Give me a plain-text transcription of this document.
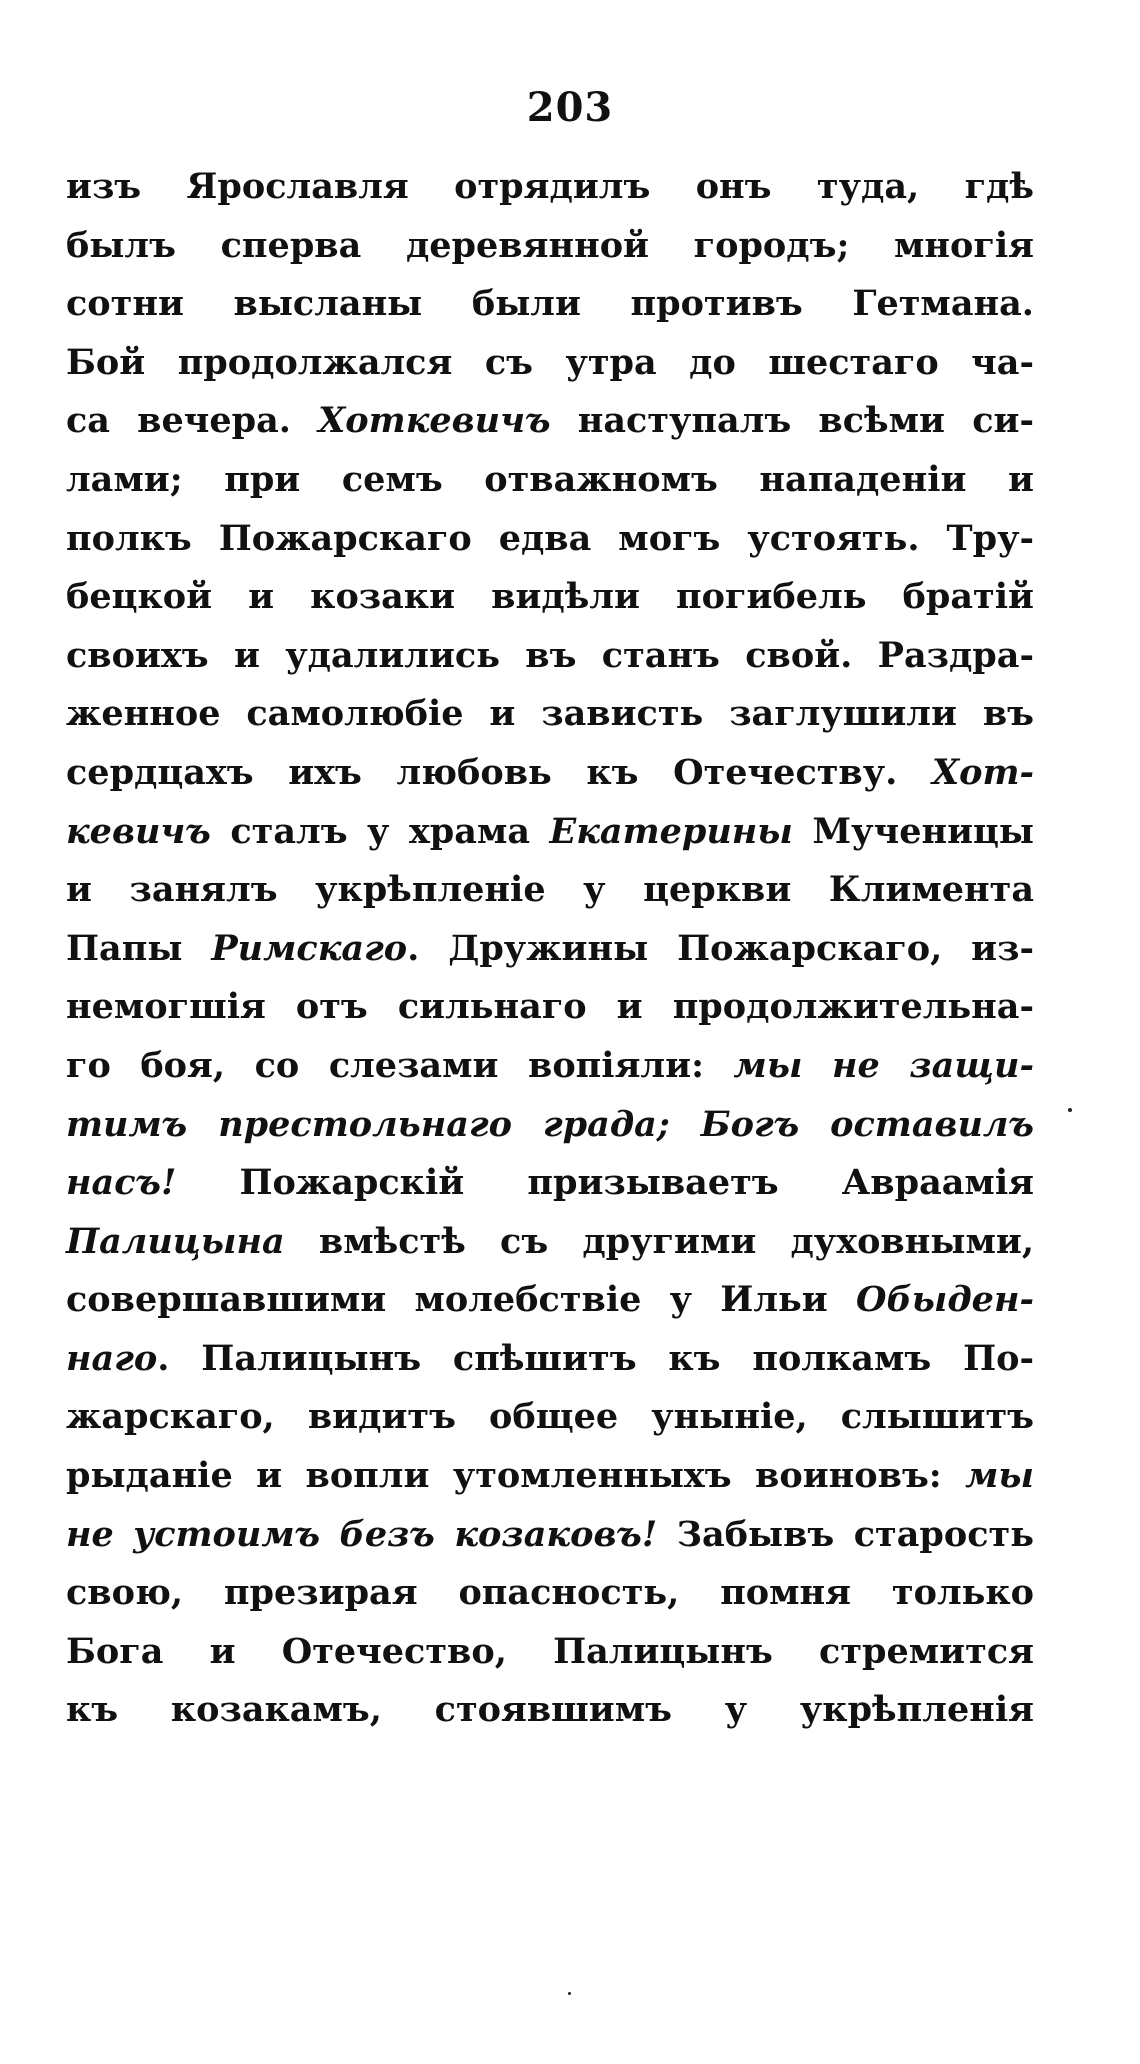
203
изъ Ярославля отрядилъ онъ туда, гдѣ
былъ сперва деревянной городъ; многія
сотни высланы были противъ Гетмана.
Бой продолжался съ утра до шестаго ча-
са вечера. Хоткевичъ наступалъ всѣми си-
лами; при семъ отважномъ нападеніи и
полкъ Пожарскаго едва могъ устоять. Тру-
бецкой и козаки видѣли погибель братій
своихъ и удалились въ станъ свой. Раздра-
женное самолюбіе и зависть заглушили въ
сердцахъ ихъ любовь къ Отечеству. Хот-
кевичъ сталъ у храма Екатерины Мученицы
и занялъ укрѣпленіе у церкви Климента
Папы Римскаго. Дружины Пожарскаго, из-
немогшія отъ сильнаго и продолжительна-
го боя, со слезами вопіяли: мы не защи-
тимъ престольнаго града; Богъ оставилъ
насъ! Пожарскій призываетъ Авраамія
Палицына вмѣстѣ съ другими духовными,
совершавшими молебствіе у Ильи Обыден-
наго. Палицынъ спѣшитъ къ полкамъ По-
жарскаго, видитъ общее уныніе, слышитъ
рыданіе и вопли утомленныхъ воиновъ: мы
не устоимъ безъ козаковъ! Забывъ старость
свою, презирая опасность, помня только
Бога и Отечество, Палицынъ стремится
къ козакамъ, стоявшимъ у укрѣпленія
